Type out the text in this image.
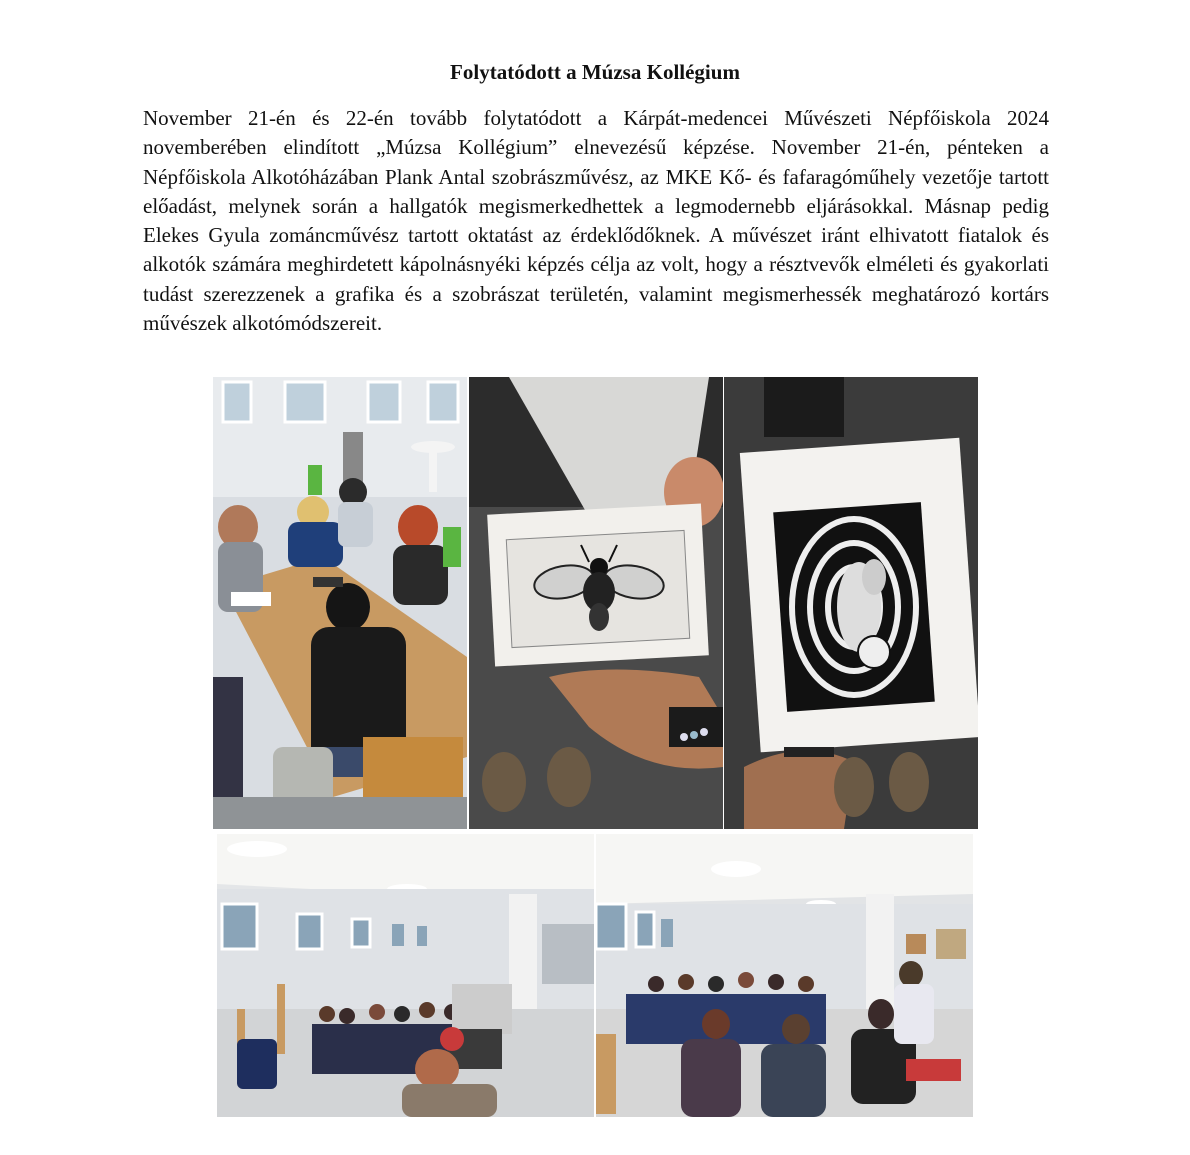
Folytatódott a Múzsa Kollégium
November 21-én és 22-én tovább folytatódott a Kárpát-medencei Művészeti Népfőiskola 2024 novemberében elindított „Múzsa Kollégium” elnevezésű képzése. November 21-én, pénteken a Népfőiskola Alkotóházában Plank Antal szobrászművész, az MKE Kő- és fafaragóműhely vezetője tartott előadást, melynek során a hallgatók megismerkedhettek a legmodernebb eljárásokkal. Másnap pedig Elekes Gyula zománcművész tartott oktatást az érdeklődőknek. A művészet iránt elhivatott fiatalok és alkotók számára meghirdetett kápolnásnyéki képzés célja az volt, hogy a résztvevők elméleti és gyakorlati tudást szerezzenek a grafika és a szobrászat területén, valamint megismerhessék meghatározó kortárs művészek alkotómódszereit.
